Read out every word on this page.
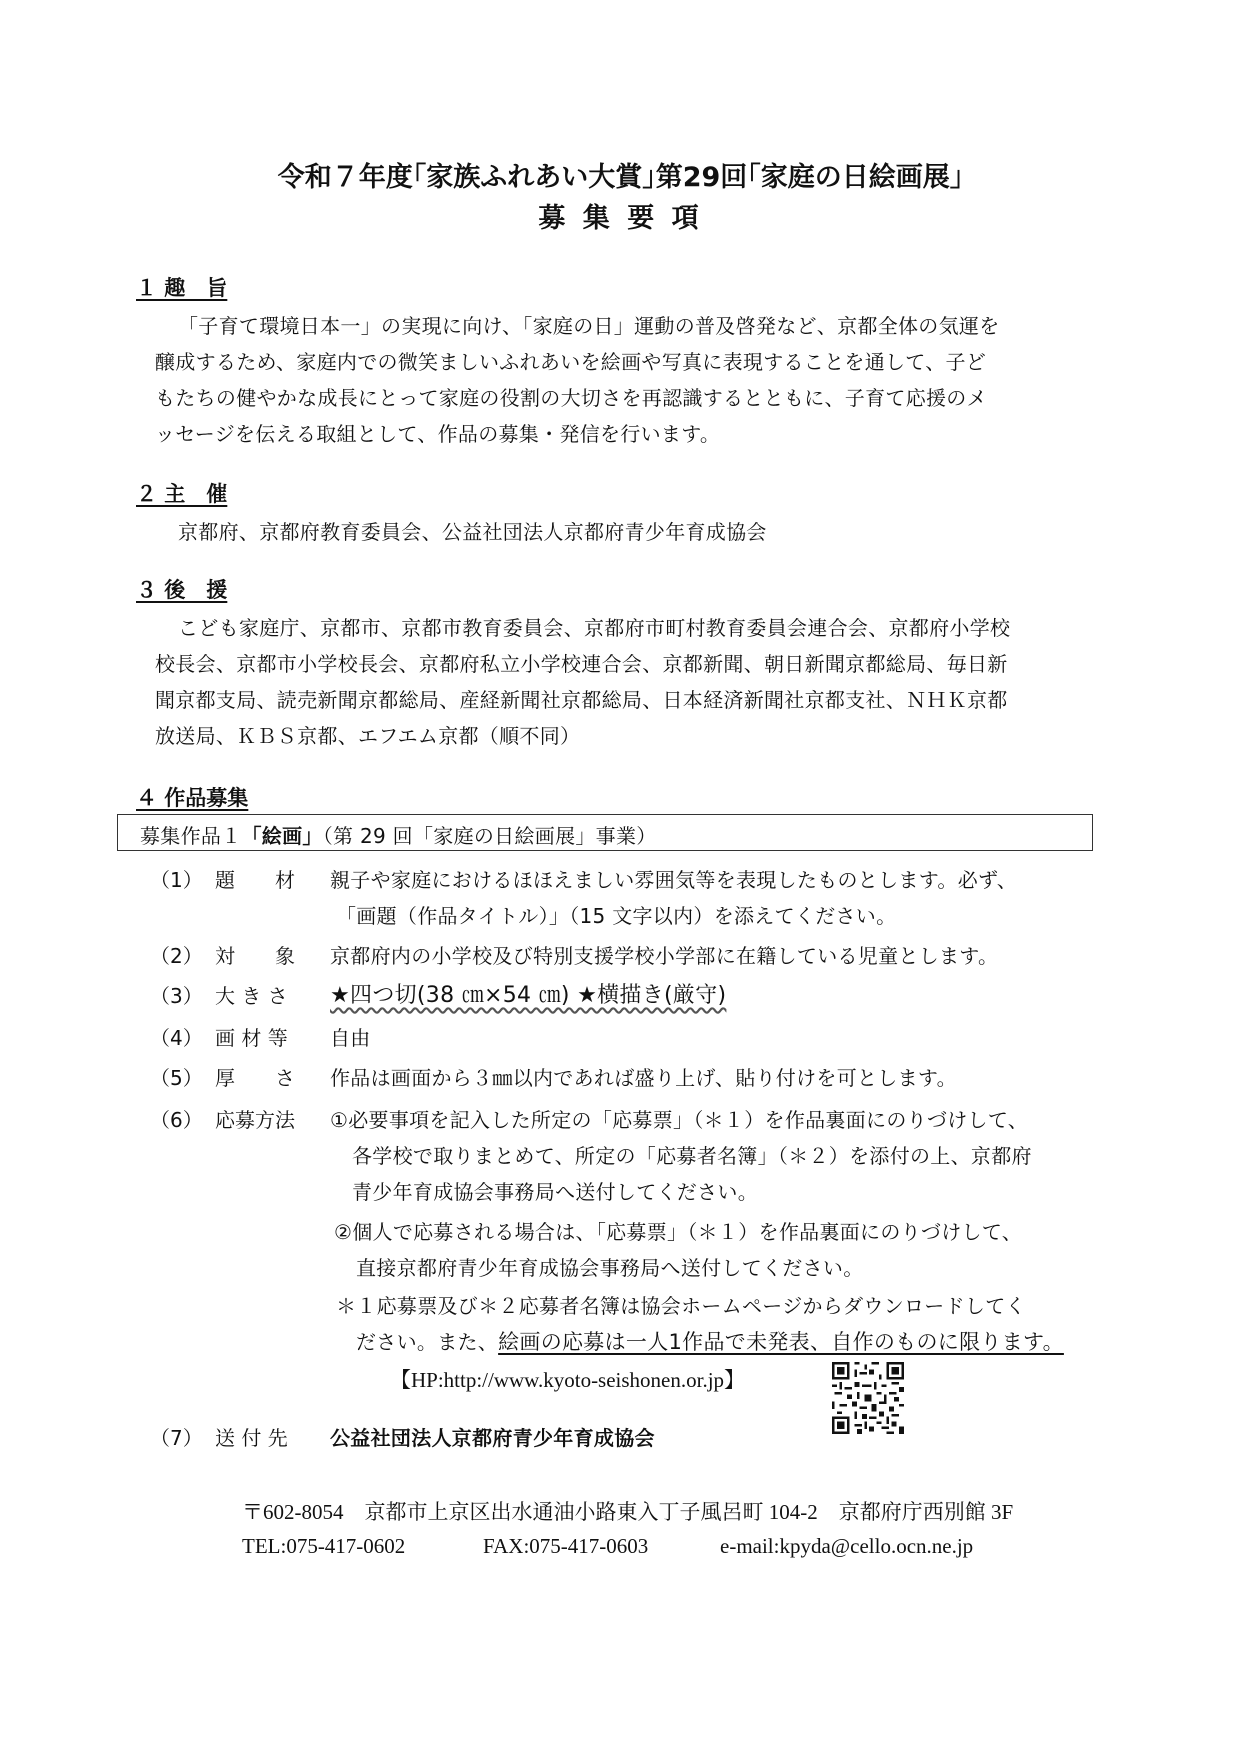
令和７年度｢家族ふれあい大賞｣第29回｢家庭の日絵画展｣
募 集 要 項
１ 趣　旨
「子育て環境日本一」の実現に向け、「家庭の日」運動の普及啓発など、京都全体の気運を
醸成するため、家庭内での微笑ましいふれあいを絵画や写真に表現することを通して、子ど
もたちの健やかな成長にとって家庭の役割の大切さを再認識するとともに、子育て応援のメ
ッセージを伝える取組として、作品の募集・発信を行います。
２ 主　催
京都府、京都府教育委員会、公益社団法人京都府青少年育成協会
３ 後　援
こども家庭庁、京都市、京都市教育委員会、京都府市町村教育委員会連合会、京都府小学校
校長会、京都市小学校長会、京都府私立小学校連合会、京都新聞、朝日新聞京都総局、毎日新
聞京都支局、読売新聞京都総局、産経新聞社京都総局、日本経済新聞社京都支社、ＮＨＫ京都
放送局、ＫＢＳ京都、エフエム京都（順不同）
４ 作品募集
募集作品１「絵画」（第 29 回「家庭の日絵画展」事業）
（1） 題　　材 親子や家庭におけるほほえましい雰囲気等を表現したものとします。必ず、
「画題（作品タイトル）」（15 文字以内）を添えてください。
（2） 対　　象 京都府内の小学校及び特別支援学校小学部に在籍している児童とします。
（3） 大 き さ ★四つ切(38 ㎝×54 ㎝) ★横描き(厳守)
（4） 画 材 等 自由
（5） 厚　　さ 作品は画面から３㎜以内であれば盛り上げ、貼り付けを可とします。
（6） 応募方法 ①必要事項を記入した所定の「応募票」（＊１）を作品裏面にのりづけして、
各学校で取りまとめて、所定の「応募者名簿」（＊２）を添付の上、京都府
青少年育成協会事務局へ送付してください。
②個人で応募される場合は、「応募票」（＊１）を作品裏面にのりづけして、
直接京都府青少年育成協会事務局へ送付してください。
＊１応募票及び＊２応募者名簿は協会ホームページからダウンロードしてく
ださい。また、絵画の応募は一人1作品で未発表、自作のものに限ります。
【HP:http://www.kyoto-seishonen.or.jp】
（7） 送 付 先 公益社団法人京都府青少年育成協会
〒602-8054　京都市上京区出水通油小路東入丁子風呂町 104-2　京都府庁西別館 3F
TEL:075-417-0602	FAX:075-417-0603	e-mail:kpyda@cello.ocn.ne.jp
